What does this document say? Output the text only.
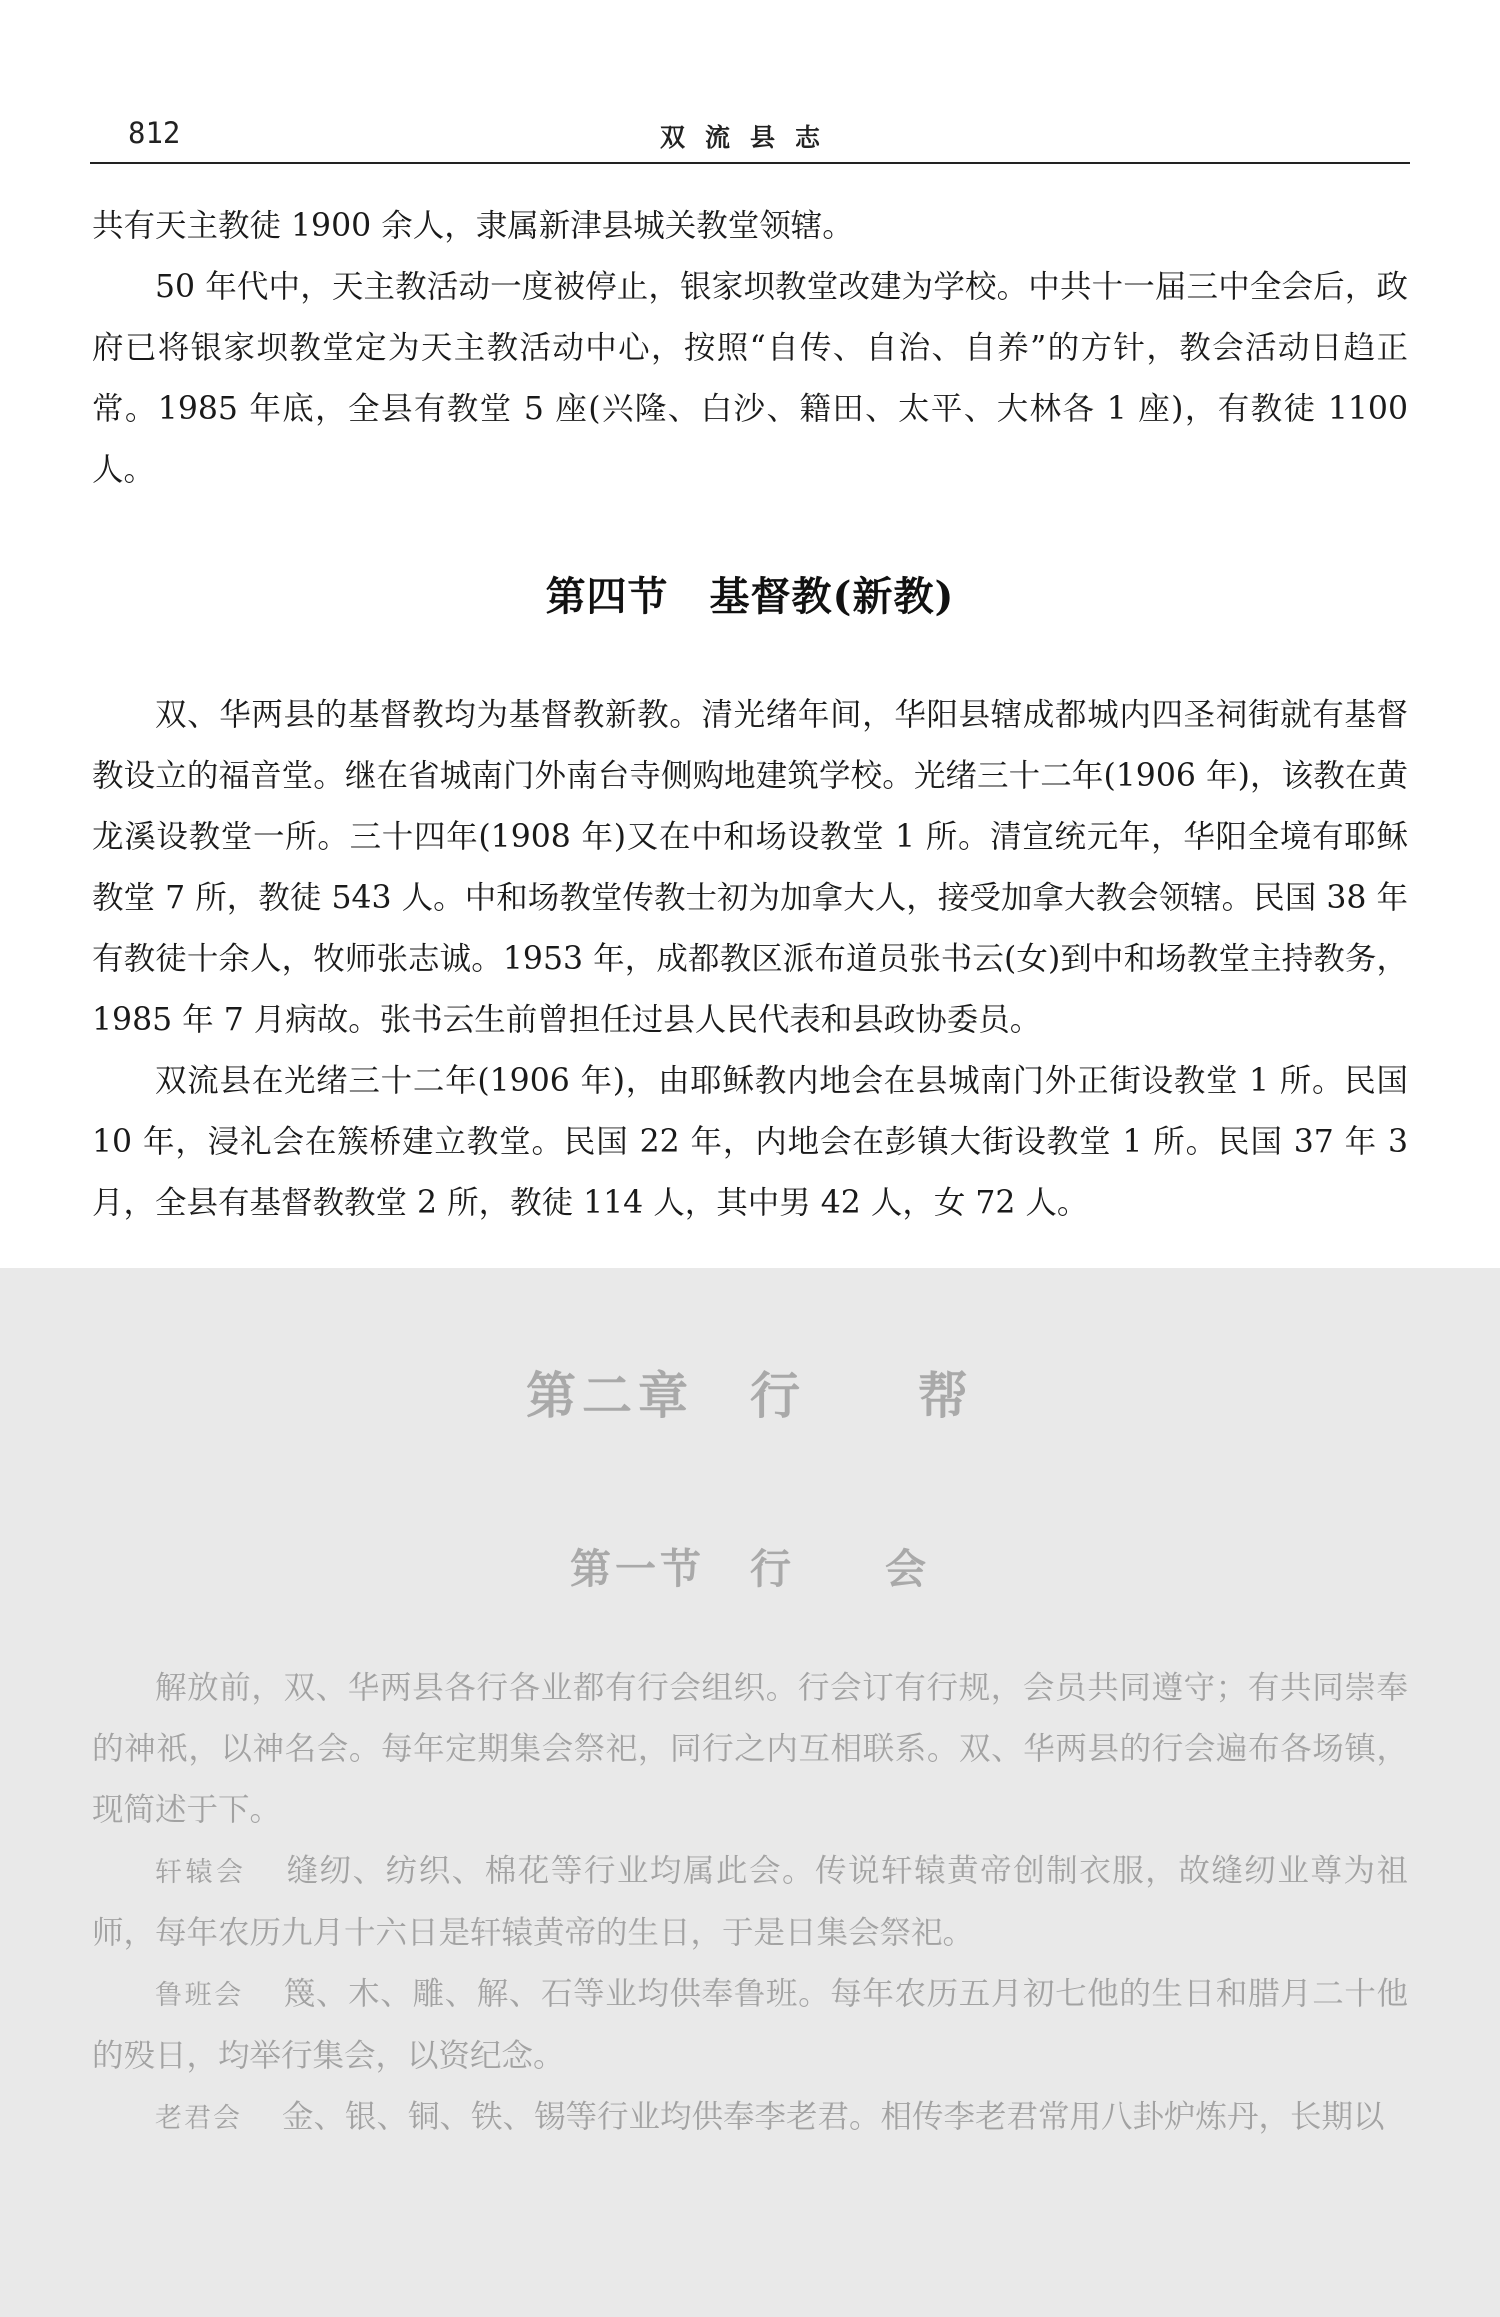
812	双流县志

共有天主教徒 1900 余人，隶属新津县城关教堂领辖。

50 年代中，天主教活动一度被停止，银家坝教堂改建为学校。中共十一届三中全会后，政府已将银家坝教堂定为天主教活动中心，按照“自传、自治、自养”的方针，教会活动日趋正常。1985 年底，全县有教堂 5 座(兴隆、白沙、籍田、太平、大林各 1 座)，有教徒 1100 人。

第四节　基督教(新教)

双、华两县的基督教均为基督教新教。清光绪年间，华阳县辖成都城内四圣祠街就有基督教设立的福音堂。继在省城南门外南台寺侧购地建筑学校。光绪三十二年(1906 年)，该教在黄龙溪设教堂一所。三十四年(1908 年)又在中和场设教堂 1 所。清宣统元年，华阳全境有耶稣教堂 7 所，教徒 543 人。中和场教堂传教士初为加拿大人，接受加拿大教会领辖。民国 38 年有教徒十余人，牧师张志诚。1953 年，成都教区派布道员张书云(女)到中和场教堂主持教务，1985 年 7 月病故。张书云生前曾担任过县人民代表和县政协委员。

双流县在光绪三十二年(1906 年)，由耶稣教内地会在县城南门外正街设教堂 1 所。民国 10 年，浸礼会在簇桥建立教堂。民国 22 年，内地会在彭镇大街设教堂 1 所。民国 37 年 3 月，全县有基督教教堂 2 所，教徒 114 人，其中男 42 人，女 72 人。

第二章　行　　帮
第一节　行　　会

解放前，双、华两县各行各业都有行会组织。行会订有行规，会员共同遵守；有共同崇奉的神祇，以神名会。每年定期集会祭祀，同行之内互相联系。双、华两县的行会遍布各场镇，现简述于下。

轩辕会 缝纫、纺织、棉花等行业均属此会。传说轩辕黄帝创制衣服，故缝纫业尊为祖师，每年农历九月十六日是轩辕黄帝的生日，于是日集会祭祀。

鲁班会 篾、木、雕、解、石等业均供奉鲁班。每年农历五月初七他的生日和腊月二十他的殁日，均举行集会，以资纪念。

老君会 金、银、铜、铁、锡等行业均供奉李老君。相传李老君常用八卦炉炼丹，长期以
